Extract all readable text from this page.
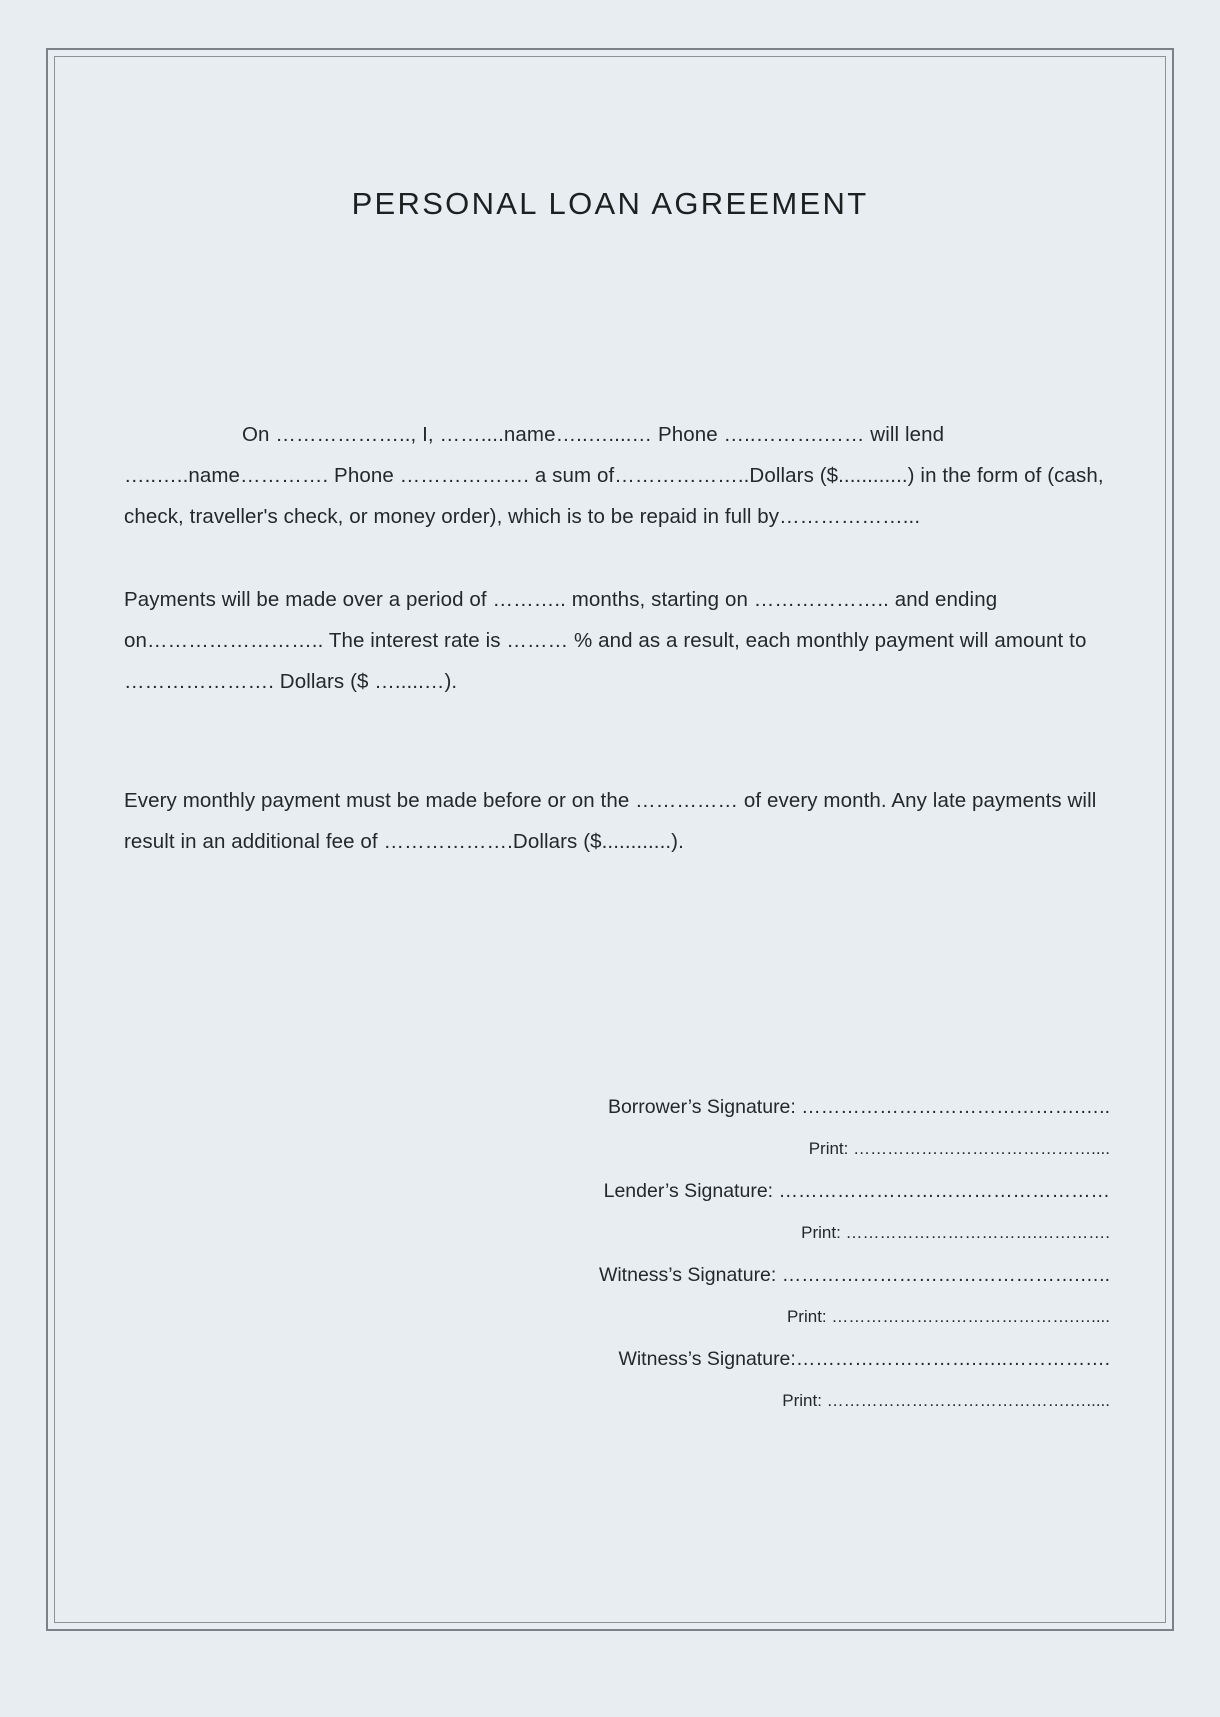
PERSONAL LOAN AGREEMENT
On ……………….., I, ……....name…..…....… Phone …..……….…… will lend …..…..name…………. Phone ………………. a sum of………………..Dollars ($............) in the form of (cash, check, traveller's check, or money order), which is to be repaid in full by………………...
Payments will be made over a period of ……….. months, starting on ……………….. and ending on…………………….. The interest rate is ……… % and as a result, each monthly payment will amount to …………………. Dollars ($ ….....…).
Every monthly payment must be made before or on the …………… of every month. Any late payments will result in an additional fee of ……………….Dollars ($............).
Borrower’s Signature: …………………………………….…..
Print: ……………………………………....
Lender’s Signature: ……………………………………………
Print: …………………………….………….
Witness’s Signature: ……………………………………….…..
Print: …………………………………….…....
Witness’s Signature:……………………….…..…………….
Print: …………………………………….….....
